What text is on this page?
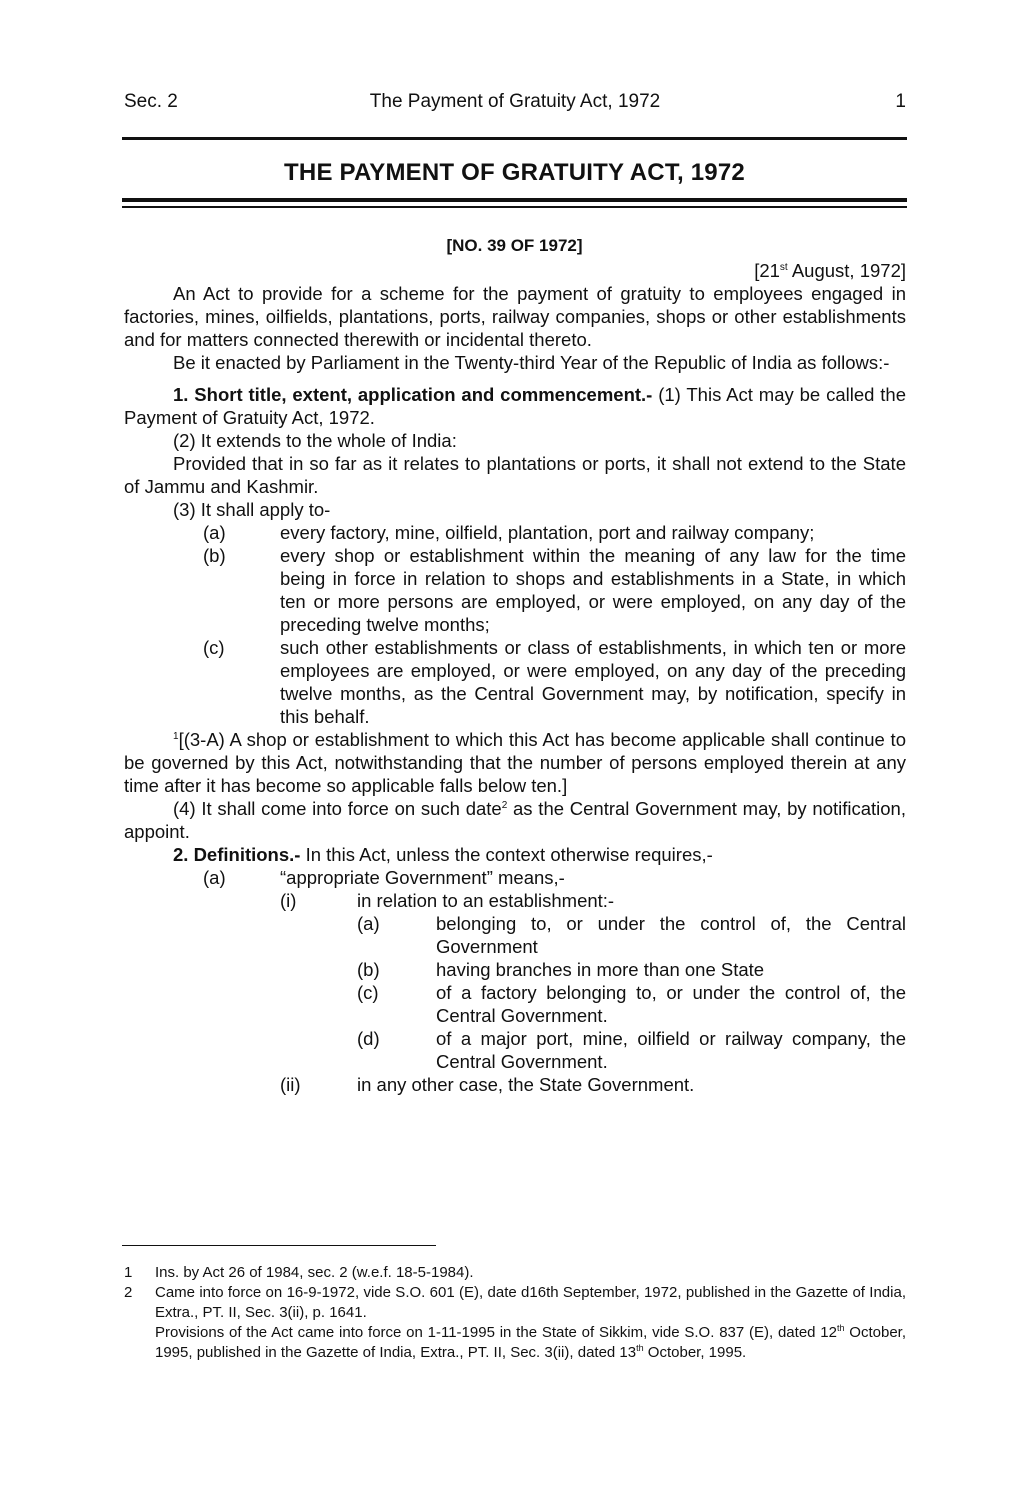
Sec. 2	The Payment of Gratuity Act, 1972	1
THE PAYMENT OF GRATUITY ACT, 1972
[NO. 39 OF 1972]
[21st August, 1972]

An Act to provide for a scheme for the payment of gratuity to employees engaged in factories, mines, oilfields, plantations, ports, railway companies, shops or other establishments and for matters connected therewith or incidental thereto.

Be it enacted by Parliament in the Twenty-third Year of the Republic of India as follows:-

1. Short title, extent, application and commencement.- (1) This Act may be called the Payment of Gratuity Act, 1972.

(2) It extends to the whole of India:

Provided that in so far as it relates to plantations or ports, it shall not extend to the State of Jammu and Kashmir.

(3) It shall apply to-

(a)	every factory, mine, oilfield, plantation, port and railway company;
(b)	every shop or establishment within the meaning of any law for the time being in force in relation to shops and establishments in a State, in which ten or more persons are employed, or were employed, on any day of the preceding twelve months;
(c)	such other establishments or class of establishments, in which ten or more employees are employed, or were employed, on any day of the preceding twelve months, as the Central Government may, by notification, specify in this behalf.

$^1$[(3-A) A shop or establishment to which this Act has become applicable shall continue to be governed by this Act, notwithstanding that the number of persons employed therein at any time after it has become so applicable falls below ten.]

(4) It shall come into force on such date$^2$ as the Central Government may, by notification, appoint.

2. Definitions.- In this Act, unless the context otherwise requires,-

(a)	“appropriate Government” means,-
(i)	in relation to an establishment:-
(a)	belonging to, or under the control of, the Central Government
(b)	having branches in more than one State
(c)	of a factory belonging to, or under the control of, the Central Government.
(d)	of a major port, mine, oilfield or railway company, the Central Government.
(ii)	in any other case, the State Government.
1 Ins. by Act 26 of 1984, sec. 2 (w.e.f. 18-5-1984).
2 Came into force on 16-9-1972, vide S.O. 601 (E), date d16th September, 1972, published in the Gazette of India, Extra., PT. II, Sec. 3(ii), p. 1641.
Provisions of the Act came into force on 1-11-1995 in the State of Sikkim, vide S.O. 837 (E), dated 12th October, 1995, published in the Gazette of India, Extra., PT. II, Sec. 3(ii), dated 13th October, 1995.
